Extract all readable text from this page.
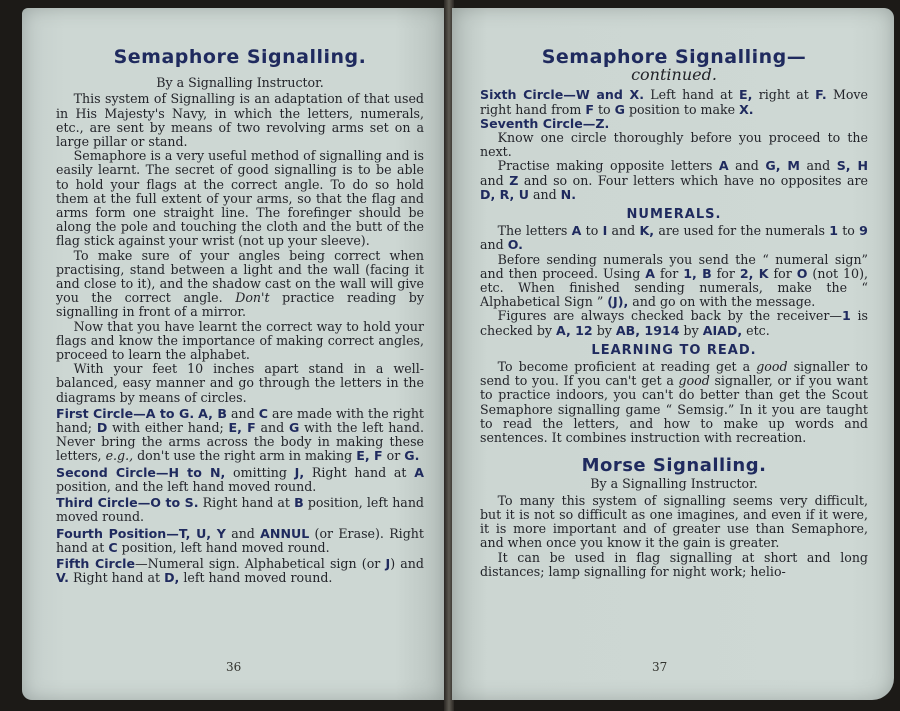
Semaphore Signalling.
By a Signalling Instructor.

This system of Signalling is an adaptation of that used in His Majesty's Navy, in which the letters, numerals, etc., are sent by means of two revolving arms set on a large pillar or stand.

Semaphore is a very useful method of signalling and is easily learnt. The secret of good signalling is to be able to hold your flags at the correct angle. To do so hold them at the full extent of your arms, so that the flag and arms form one straight line. The forefinger should be along the pole and touching the cloth and the butt of the flag stick against your wrist (not up your sleeve).

To make sure of your angles being correct when practising, stand between a light and the wall (facing it and close to it), and the shadow cast on the wall will give you the correct angle. Don't practice reading by signalling in front of a mirror.

Now that you have learnt the correct way to hold your flags and know the importance of making correct angles, proceed to learn the alphabet.

With your feet 10 inches apart stand in a well-balanced, easy manner and go through the letters in the diagrams by means of circles.

First Circle—A to G. A, B and C are made with the right hand; D with either hand; E, F and G with the left hand. Never bring the arms across the body in making these letters, e.g., don't use the right arm in making E, F or G.

Second Circle—H to N, omitting J, Right hand at A position, and the left hand moved round.

Third Circle—O to S. Right hand at B position, left hand moved round.

Fourth Position—T, U, Y and ANNUL (or Erase). Right hand at C position, left hand moved round.

Fifth Circle—Numeral sign. Alphabetical sign (or J) and V. Right hand at D, left hand moved round.

36
Semaphore Signalling—
continued.

Sixth Circle—W and X. Left hand at E, right at F. Move right hand from F to G position to make X.

Seventh Circle—Z.

Know one circle thoroughly before you proceed to the next.

Practise making opposite letters A and G, M and S, H and Z and so on. Four letters which have no opposites are D, R, U and N.

NUMERALS.

The letters A to I and K, are used for the numerals 1 to 9 and O.

Before sending numerals you send the “ numeral sign” and then proceed. Using A for 1, B for 2, K for O (not 10), etc. When finished sending numerals, make the “ Alphabetical Sign ” (J), and go on with the message.

Figures are always checked back by the receiver—1 is checked by A, 12 by AB, 1914 by AIAD, etc.

LEARNING TO READ.

To become proficient at reading get a good signaller to send to you. If you can't get a good signaller, or if you want to practice indoors, you can't do better than get the Scout Semaphore signalling game “ Semsig.” In it you are taught to read the letters, and how to make up words and sentences. It combines instruction with recreation.

Morse Signalling.
By a Signalling Instructor.

To many this system of signalling seems very difficult, but it is not so difficult as one imagines, and even if it were, it is more important and of greater use than Semaphore, and when once you know it the gain is greater.

It can be used in flag signalling at short and long distances; lamp signalling for night work; helio-

37
